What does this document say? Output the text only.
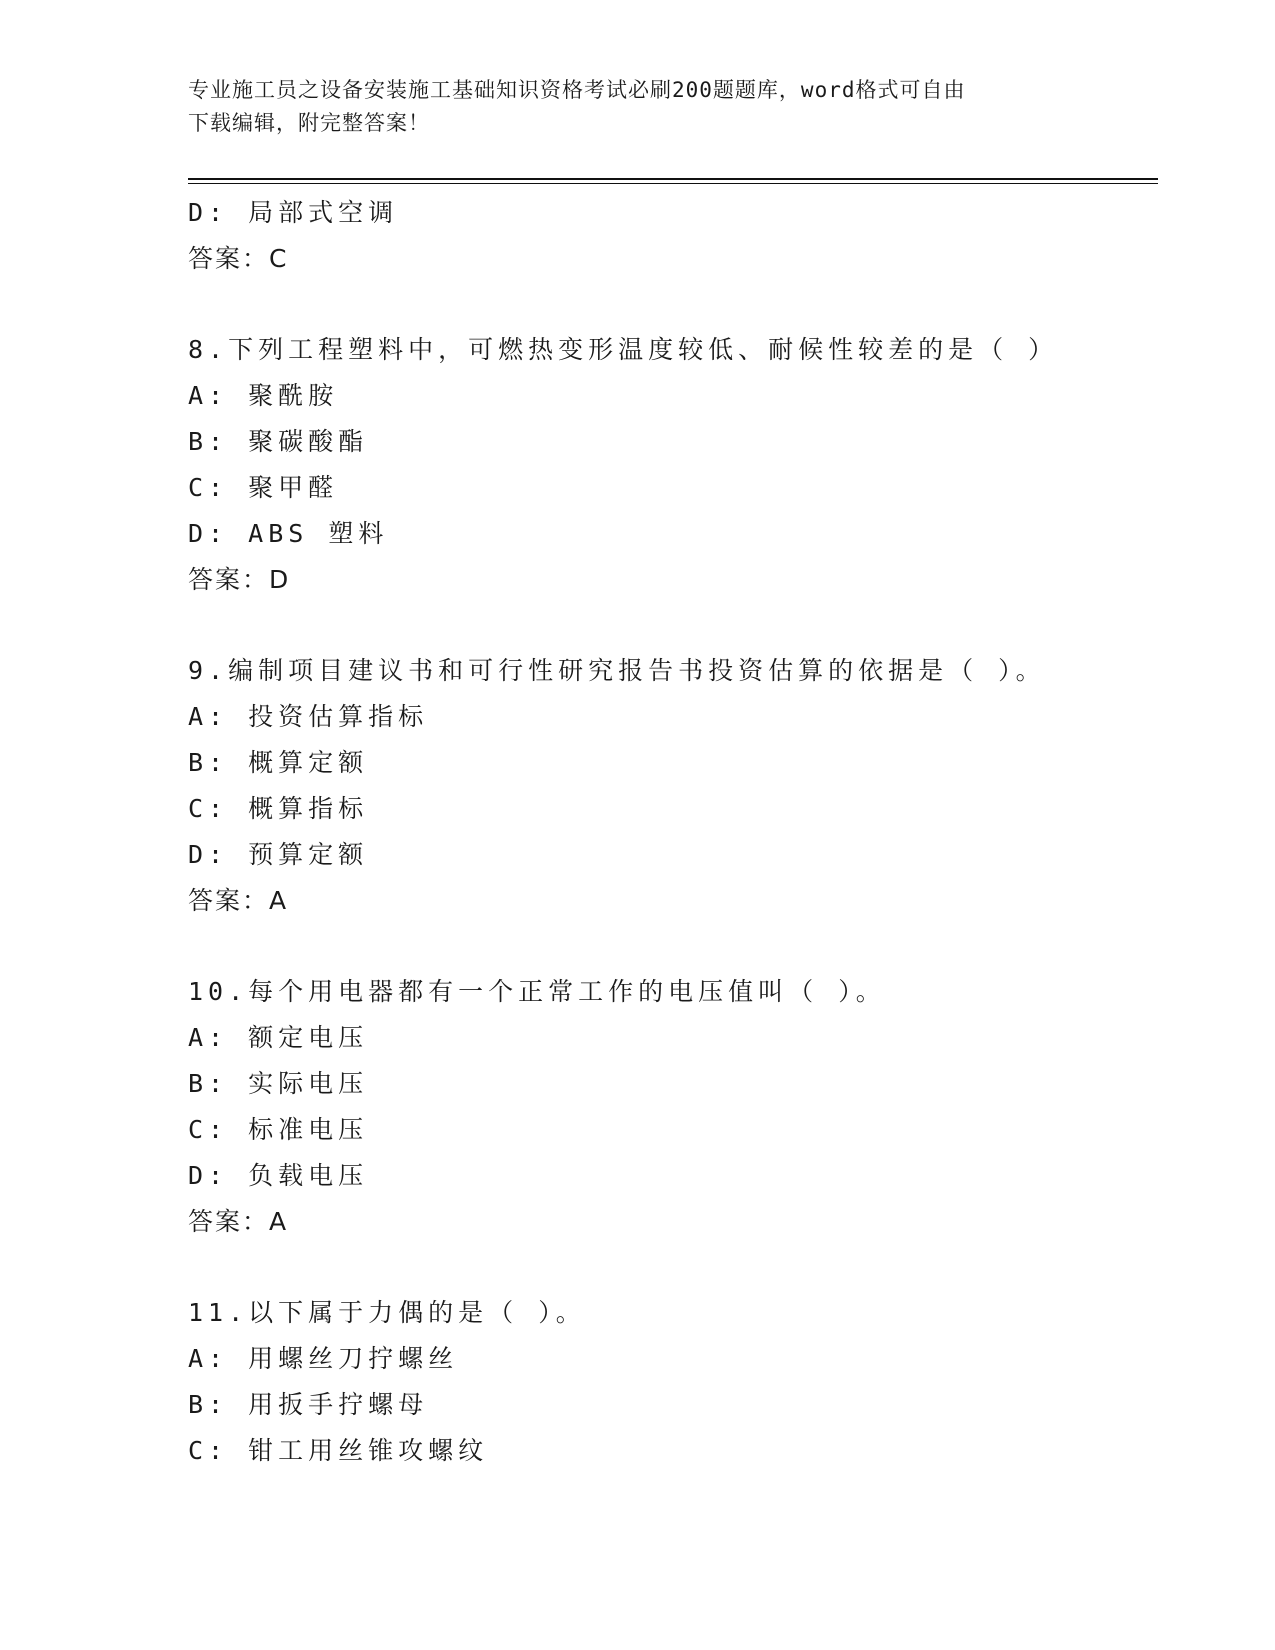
专业施工员之设备安装施工基础知识资格考试必刷200题题库，word格式可自由
下载编辑，附完整答案！
D: 局部式空调
答案：C
8.下列工程塑料中，可燃热变形温度较低、耐候性较差的是（ ）
A: 聚酰胺
B: 聚碳酸酯
C: 聚甲醛
D: ABS 塑料
答案：D
9.编制项目建议书和可行性研究报告书投资估算的依据是（ ）。
A: 投资估算指标
B: 概算定额
C: 概算指标
D: 预算定额
答案：A
10.每个用电器都有一个正常工作的电压值叫（ ）。
A: 额定电压
B: 实际电压
C: 标准电压
D: 负载电压
答案：A
11.以下属于力偶的是（ ）。
A: 用螺丝刀拧螺丝
B: 用扳手拧螺母
C: 钳工用丝锥攻螺纹
